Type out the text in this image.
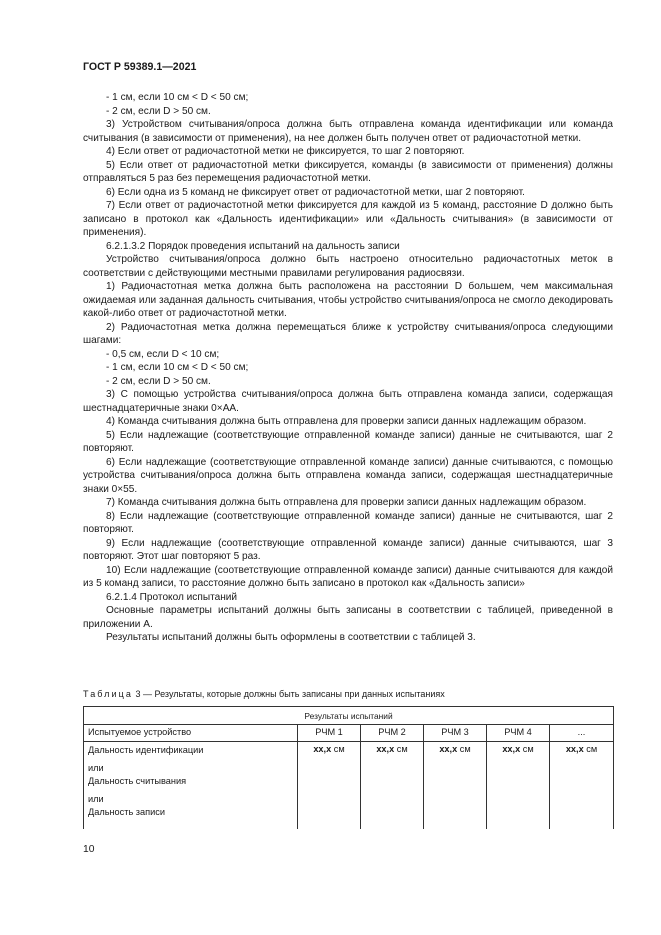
ГОСТ Р 59389.1—2021

- 1 см, если 10 см < D < 50 см;

- 2 см, если D > 50 см.

3) Устройством считывания/опроса должна быть отправлена команда идентификации или команда считывания (в зависимости от применения), на нее должен быть получен ответ от радиочастотной метки.

4) Если ответ от радиочастотной метки не фиксируется, то шаг 2 повторяют.

5) Если ответ от радиочастотной метки фиксируется, команды (в зависимости от применения) должны отправляться 5 раз без перемещения радиочастотной метки.

6) Если одна из 5 команд не фиксирует ответ от радиочастотной метки, шаг 2 повторяют.

7) Если ответ от радиочастотной метки фиксируется для каждой из 5 команд, расстояние D должно быть записано в протокол как «Дальность идентификации» или «Дальность считывания» (в зависимости от применения).

6.2.1.3.2 Порядок проведения испытаний на дальность записи

Устройство считывания/опроса должно быть настроено относительно радиочастотных меток в соответствии с действующими местными правилами регулирования радиосвязи.

1) Радиочастотная метка должна быть расположена на расстоянии D большем, чем максимальная ожидаемая или заданная дальность считывания, чтобы устройство считывания/опроса не смогло декодировать какой-либо ответ от радиочастотной метки.

2) Радиочастотная метка должна перемещаться ближе к устройству считывания/опроса следующими шагами:

- 0,5 см, если D < 10 см;

- 1 см, если 10 см < D < 50 см;

- 2 см, если D > 50 см.

3) С помощью устройства считывания/опроса должна быть отправлена команда записи, содержащая шестнадцатеричные знаки 0×AA.

4) Команда считывания должна быть отправлена для проверки записи данных надлежащим образом.

5) Если надлежащие (соответствующие отправленной команде записи) данные не считываются, шаг 2 повторяют.

6) Если надлежащие (соответствующие отправленной команде записи) данные считываются, с помощью устройства считывания/опроса должна быть отправлена команда записи, содержащая шестнадцатеричные знаки 0×55.

7) Команда считывания должна быть отправлена для проверки записи данных надлежащим образом.

8) Если надлежащие (соответствующие отправленной команде записи) данные не считываются, шаг 2 повторяют.

9) Если надлежащие (соответствующие отправленной команде записи) данные считываются, шаг 3 повторяют. Этот шаг повторяют 5 раз.

10) Если надлежащие (соответствующие отправленной команде записи) данные считываются для каждой из 5 команд записи, то расстояние должно быть записано в протокол как «Дальность записи»

6.2.1.4 Протокол испытаний

Основные параметры испытаний должны быть записаны в соответствии с таблицей, приведенной в приложении А.

Результаты испытаний должны быть оформлены в соответствии с таблицей 3.

Таблица 3 — Результаты, которые должны быть записаны при данных испытаниях
Результаты испытаний					
Испытуемое устройство	РЧМ 1	РЧМ 2	РЧМ 3	РЧМ 4	...

Дальность идентификации

или

Дальность считывания

или

Дальность записи	xx,x см	xx,x см	xx,x см	xx,x см	xx,x см
10
